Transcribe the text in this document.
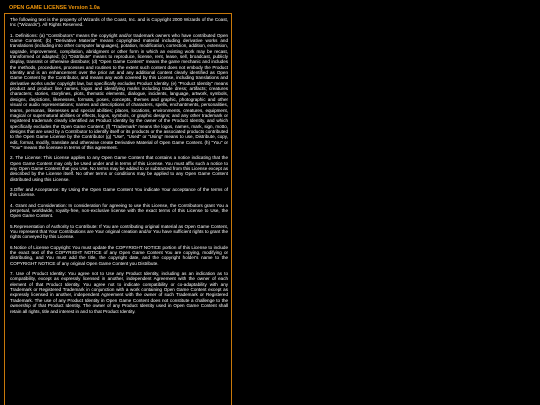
OPEN GAME LICENSE Version 1.0a

The following text is the property of Wizards of the Coast, Inc. and is Copyright 2000 Wizards of the Coast, Inc ("Wizards"). All Rights Reserved.

1. Definitions: (a) "Contributors" means the copyright and/or trademark owners who have contributed Open Game Content; (b) "Derivative Material" means copyrighted material including derivative works and translations (including into other computer languages), potation, modification, correction, addition, extension, upgrade, improvement, compilation, abridgment or other form in which an existing work may be recast, transformed or adapted; (c) "Distribute" means to reproduce, license, rent, lease, sell, broadcast, publicly display, transmit or otherwise distribute; (d) "Open Game Content" means the game mechanic and includes the methods, procedures, processes and routines to the extent such content does not embody the Product Identity and is an enhancement over the prior art and any additional content clearly identified as Open Game Content by the Contributor, and means any work covered by this License, including translations and derivative works under copyright law, but specifically excludes Product Identity. (e) "Product Identity" means product and product line names, logos and identifying marks including trade dress; artifacts; creatures characters; stories, storylines, plots, thematic elements, dialogue, incidents, language, artwork, symbols, designs, depictions, likenesses, formats, poses, concepts, themes and graphic, photographic and other visual or audio representations; names and descriptions of characters, spells, enchantments, personalities, teams, personas, likenesses and special abilities; places, locations, environments, creatures, equipment, magical or supernatural abilities or effects, logos, symbols, or graphic designs; and any other trademark or registered trademark clearly identified as Product identity by the owner of the Product Identity, and which specifically excludes the Open Game Content; (f) "Trademark" means the logos, names, mark, sign, motto, designs that are used by a Contributor to identify itself or its products or the associated products contributed to the Open Game License by the Contributor (g) "Use", "Used" or "Using" means to use, Distribute, copy, edit, format, modify, translate and otherwise create Derivative Material of Open Game Content. (h) "You" or "Your" means the licensee in terms of this agreement.

2. The License: This License applies to any Open Game Content that contains a notice indicating that the Open Game Content may only be Used under and in terms of this License. You must affix such a notice to any Open Game Content that you Use. No terms may be added to or subtracted from this License except as described by the License itself. No other terms or conditions may be applied to any Open Game Content distributed using this License.

3.Offer and Acceptance: By Using the Open Game Content You indicate Your acceptance of the terms of this License.

4. Grant and Consideration: In consideration for agreeing to use this License, the Contributors grant You a perpetual, worldwide, royalty-free, non-exclusive license with the exact terms of this License to Use, the Open Game Content.

5.Representation of Authority to Contribute: If You are contributing original material as Open Game Content, You represent that Your Contributions are Your original creation and/or You have sufficient rights to grant the rights conveyed by this License.

6.Notice of License Copyright: You must update the COPYRIGHT NOTICE portion of this License to include the exact text of the COPYRIGHT NOTICE of any Open Game Content You are copying, modifying or distributing, and You must add the title, the copyright date, and the copyright holder's name to the COPYRIGHT NOTICE of any original Open Game Content you Distribute.

7. Use of Product Identity: You agree not to Use any Product Identity, including as an indication as to compatibility, except as expressly licensed in another, independent Agreement with the owner of each element of that Product Identity. You agree not to indicate compatibility or co-adaptability with any Trademark or Registered Trademark in conjunction with a work containing Open Game Content except as expressly licensed in another, independent Agreement with the owner of such Trademark or Registered Trademark. The use of any Product Identity in Open Game Content does not constitute a challenge to the ownership of that Product Identity. The owner of any Product Identity used in Open Game Content shall retain all rights, title and interest in and to that Product Identity.
